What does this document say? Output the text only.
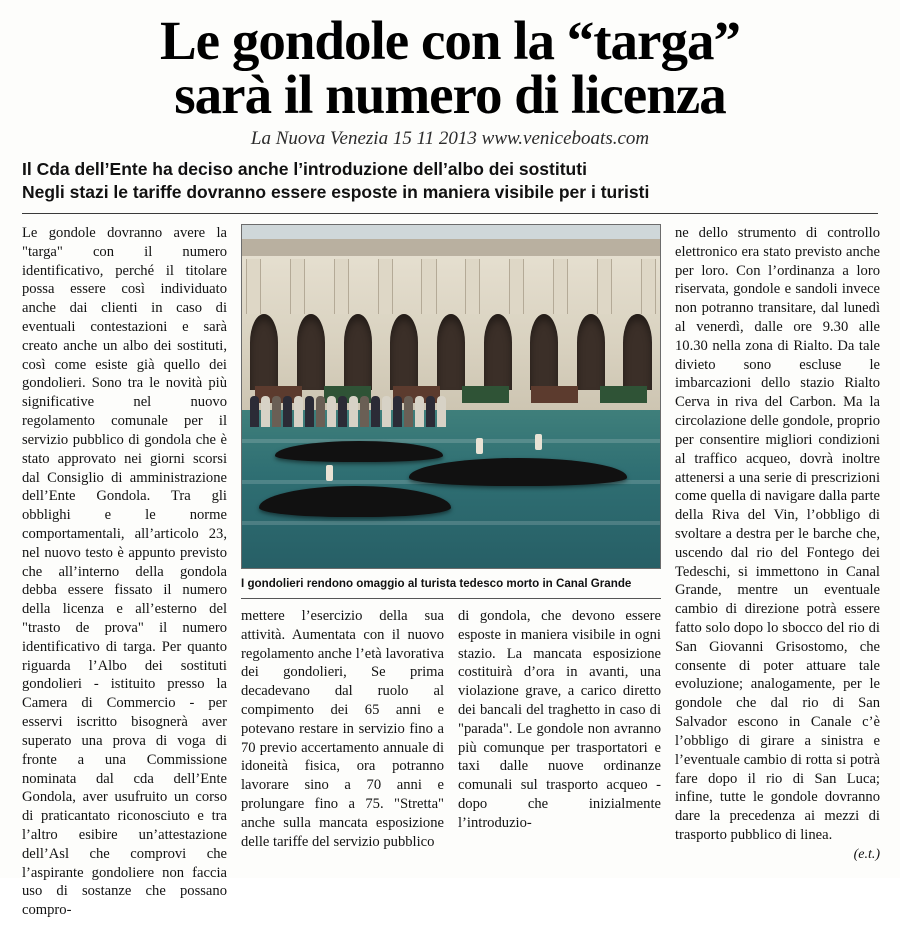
Le gondole con la “targa”
sarà il numero di licenza
La Nuova Venezia 15 11 2013 www.veniceboats.com

Il Cda dell’Ente ha deciso anche l’introduzione dell’albo dei sostituti

Negli stazi le tariffe dovranno essere esposte in maniera visibile per i turisti

Le gondole dovranno avere la "targa" con il numero identificativo, perché il titolare possa essere così individuato anche dai clienti in caso di eventuali contestazioni e sarà creato anche un albo dei sostituti, così come esiste già quello dei gondolieri. Sono tra le novità più significative nel nuovo regolamento comunale per il servizio pubblico di gondola che è stato approvato nei giorni scorsi dal Consiglio di amministrazione dell’Ente Gondola. Tra gli obblighi e le norme comportamentali, all’articolo 23, nel nuovo testo è appunto previsto che all’interno della gondola debba essere fissato il numero della licenza e all’esterno del "trasto de prova" il numero identificativo di targa. Per quanto riguarda l’Albo dei sostituti gondolieri - istituito presso la Camera di Commercio - per esservi iscritto bisognerà aver superato una prova di voga di fronte a una Commissione nominata dal cda dell’Ente Gondola, aver usufruito un corso di praticantato riconosciuto e tra l’altro esibire un’attestazione dell’Asl che comprovi che l’aspirante gondoliere non faccia uso di sostanze che possano compro-

I gondolieri rendono omaggio al turista tedesco morto in Canal Grande

mettere l’esercizio della sua attività. Aumentata con il nuovo regolamento anche l’età lavorativa dei gondolieri, Se prima decadevano dal ruolo al compimento dei 65 anni e potevano restare in servizio fino a 70 previo accertamento annuale di idoneità fisica, ora potranno lavorare sino a 70 anni e prolungare fino a 75. "Stretta" anche sulla mancata esposizione delle tariffe del servizio pubblico

di gondola, che devono essere esposte in maniera visibile in ogni stazio. La mancata esposizione costituirà d’ora in avanti, una violazione grave, a carico diretto dei bancali del traghetto in caso di "parada". Le gondole non avranno più comunque per trasportatori e taxi dalle nuove ordinanze comunali sul trasporto acqueo - dopo che inizialmente l’introduzio-

ne dello strumento di controllo elettronico era stato previsto anche per loro. Con l’ordinanza a loro riservata, gondole e sandoli invece non potranno transitare, dal lunedì al venerdì, dalle ore 9.30 alle 10.30 nella zona di Rialto. Da tale divieto sono escluse le imbarcazioni dello stazio Rialto Cerva in riva del Carbon. Ma la circolazione delle gondole, proprio per consentire migliori condizioni al traffico acqueo, dovrà inoltre attenersi a una serie di prescrizioni come quella di navigare dalla parte della Riva del Vin, l’obbligo di svoltare a destra per le barche che, uscendo dal rio del Fontego dei Tedeschi, si immettono in Canal Grande, mentre un eventuale cambio di direzione potrà essere fatto solo dopo lo sbocco del rio di San Giovanni Grisostomo, che consente di poter attuare tale evoluzione; analogamente, per le gondole che dal rio di San Salvador escono in Canale c’è l’obbligo di girare a sinistra e l’eventuale cambio di rotta si potrà fare dopo il rio di San Luca; infine, tutte le gondole dovranno dare la precedenza ai mezzi di trasporto pubblico di linea.

(e.t.)
